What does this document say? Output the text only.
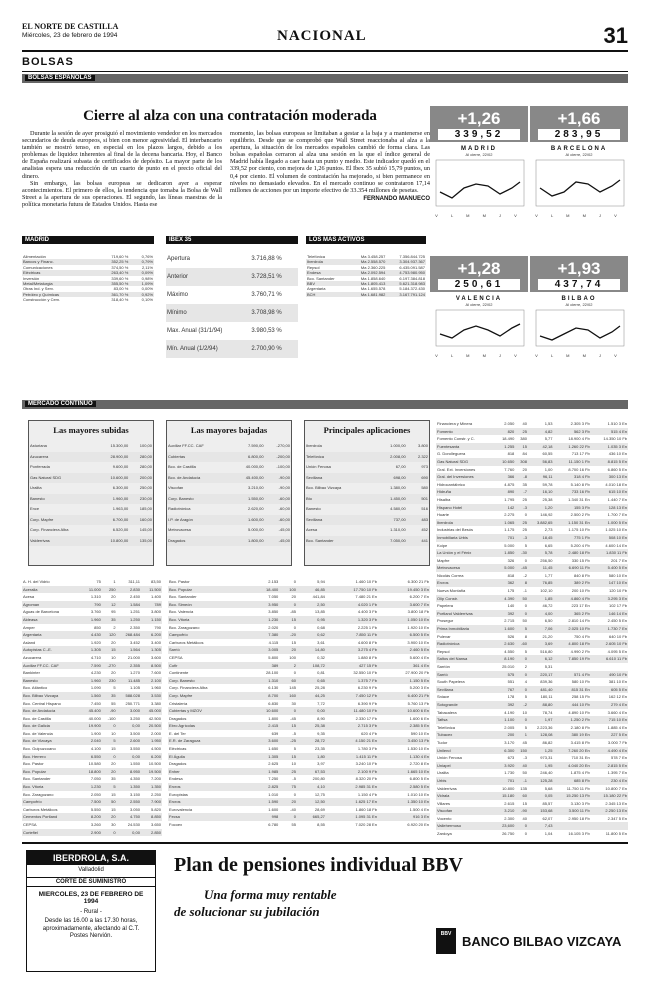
EL NORTE DE CASTILLA
Miércoles, 23 de febrero de 1994	NACIONAL	31
BOLSAS
BOLSAS ESPAÑOLAS
Cierre al alza con una contratación moderada

Durante la sesión de ayer prosiguió el movimiento vendedor en los mercados secundarios de deuda europeos, si bien con menor agresividad. El interbancario también se mostró tenso, en especial en los plazos largos, debido a los problemas de liquidez inherentes al final de la decena bancaria. Hoy, el Banco de España realizará subasta de certificados de depósito. La mayor parte de los analistas espera una reducción de un cuarto de punto en el precio oficial del dinero.

Sin embargo, las bolsas europeas se dedicaron ayer a esperar acontecimientos. El primero de ellos, la tendencia que tomaba la Bolsa de Wall Street a la apertura de sus operaciones. El segundo, las líneas maestras de la política monetaria futura de Estados Unidos. Hasta ese

momento, las bolsas europeas se limitaban a gestar a la baja y a mantenerse en equilibrio. Desde que se comprobó que Wall Street reaccionaba al alza a la apertura, la situación de los mercados españoles cambió de forma clara. Las bolsas españolas cerraron al alza una sesión en la que el índice general de Madrid había llegado a caer hasta un punto y medio. Este indicador quedó en el 339,52 por ciento, con mejora de 1,26 puntos. El Ibex 35 subió 15,79 puntos, un 0,4 por ciento. El volumen de contratación ha mejorado, si bien permanece en niveles no demasiado elevados. En el mercado continuo se contrataron 17,14 millones de acciones por un importe efectivo de 33.354 millones de pesetas.

FERNANDO MANUECO
+1,26
339,52
MADRID
Al cierre, 22/02
V L M M J V
+1,66
283,95
BARCELONA
Al cierre, 22/02
V L M M J V
+1,28
250,61
VALENCIA
Al cierre, 22/02
V L M M J V
+1,93
437,74
BILBAO
Al cierre, 22/02
V L M M J V
MADRID
Alimentación	719,60 %	0,76%
Bancos y Financ.	352,25 %	0,79%
Comunicaciones	374,50 %	2,11%
Eléctricas	263,40 %	0,09%
Inversión	339,60 %	0,98%
Metal/Metalurgia	355,50 %	1,09%
Otras Ind. y Serv.	83,00 %	0,00%
Petróleo y Químicas	361,70 %	0,92%
Construcción y Cem.	318,40 %	0,10%
IBEX 35
Apertura	3.716,88 %
Anterior	3.728,51 %
Máximo	3.760,71 %
Mínimo	3.708,98 %
Max. Anual (31/1/94)	3.980,53 %
Mín. Anual (1/2/94)	2.700,90 %
LOS MAS ACTIVOS
Telefónica	Ma 3.458.257	7.356.844.725
Iberdrola	Ma 2.558.570	3.304.937.367
Repsol	Ma 2.360.225	6.435.091.587
Endesa	Ma 2.092.594	4.753.980.950
Bco. Santander	Ma 1.858.640	6.197.384.818
BBV	Ma 1.805.413	5.621.318.983
Argentaria	Ma 1.655.578	5.184.372.430
BCH	Ma 1.681.982	3.167.791.124
MERCADO CONTINUO
Las mayores subidas
Asturiana	15.300,00	100,00
Azucarera	28.900,00	280,00
Ponferrada	9.600,00	280,00
Gas Natural SDG	10.600,00	200,00
Uralita	6.300,00	250,00
Banesto	1.960,00	230,00
Ence	1.963,00	185,00
Corp. Mapfre	6.700,00	160,00
Corp. Financiera Alba	6.520,00	145,00
Valderrivas	10.800,00	135,00
Las mayores bajadas
Auxiliar FF.CC. CAF	7.590,00	-270,00
Cubiertas	6.800,00	-200,00
Bco. de Castilla	40.000,00	-100,00
Bco. de Andalucía	45.400,00	-90,00
Viscofan	3.210,00	-90,00
Corp. Banesto	1.550,00	-60,00
Radiotrónica	2.620,00	-60,00
I.P. de Aragón	1.600,00	-60,00
Metrovacesa	5.000,00	-45,00
Dragados	1.800,00	-45,00
Principales aplicaciones
Iberdrola	1.000,00	3.800
Telefónica	2.008,00	2.322
Unión Fenosa	67,00	973
Sevillana	698,00	690
Bco. Bilbao Vizcaya	1.380,00	580
Bto	1.450,00	501
Banesto	4.580,00	516
Sevillana	737,00	483
Acesa	1.310,00	452
Bco. Santander	7.050,00	441
A. H. del Vidrio	75	1	311,11	83,50
Aceralia	11.000	250	2.830	11.500
Acesa	1.310	20	2.450	1.400
Agroman	790	12	1.584	789
Aguas de Barcelona	3.760	95	1.251	3.800
Aldeasa	1.960	35	1.250	1.150
Amper	850	2	2.350	790
Argentaria	4.430	120	268.484	6.200
Asland	1.920	20	3.452	3.400
Autopistas C.-E.	1.305	15	1.564	1.305
Azucarera	4.710	10	21.000	3.600
Auxiliar FF.CC. CAF	7.590	-270	2.355	8.500
Bankinter	4.230	20	1.270	7.600
Banesto	1.960	230	11.485	2.100
Bco. Atlántico	1.090	5	1.105	1.960
Bco. Bilbao Vizcaya	1.560	35	588.028	3.530
Bco. Central Hispano	7.450	55	250.771	3.380
Bco. de Andalucía	45.400	-90	3.000	45.000
Bco. de Castilla	40.000	-100	3.250	42.500
Bco. de Galicia	19.900	0	0,00	20.500
Bco. de Valencia	1.900	10	3.500	2.000
Bco. de Vizcaya	2.040	5	2.600	1.950
Bco. Guipuzcoano	4.100	15	3.550	4.500
Bco. Herrero	6.550	0	0,00	6.200
Bco. Pastor	10.580	20	1.550	10.500
Bco. Popular	18.800	20	8.950	19.500
Bco. Santander	7.050	35	4.350	7.200
Bco. Vitoria	1.230	5	1.350	1.350
Bco. Zaragozano	2.050	15	3.150	2.250
Campofrío	7.500	50	2.550	7.900
Carburos Metálicos	5.550	15	3.050	5.820
Cementos Portland	8.200	20	4.750	8.850
CEPSA	3.260	30	24.530	3.650
Cortefiel	2.900	0	0,00	2.850
Bco. Pastor	2.153	0	5,94	1.460 10 Fb	6.300 21 Fb
Bco. Popular	18.400	100	46,85	17.750 10 Fb	19.450 3 En
Bco. Santander	7.050	20	441,84	7.480 21 En	6.200 7 En
Bco. Simeón	3.950	0	2,50	4.020 1 Fb	3.600 7 En
Bco. Valencia	3.850	-85	13,85	4.400 3 Fb	3.800 18 Fb
Bco. Vitoria	1.230	15	0,95	1.320 3 Fb	1.050 10 En
Bco. Zaragozano	2.020	0	0,68	2.225 1 Fb	1.920 10 En
Campofrío	7.380	-20	0,62	7.850 11 Fb	6.500 5 En
Carburos Metálicos	4.115	15	3,61	4.600 8 Fb	3.900 10 En
Sarrió	3.005	20	14,80	3.275 4 Fb	2.460 5 En
CEPSA	5.800	100	0,32	1.880 8 Fb	5.600 4 En
Cofir	389	2	108,72	427 15 Fb	361 4 En
Continente	28.100	0	0,81	32.550 10 Fb	27.900 20 Fb
Corp. Banesto	1.310	60	0,65	1.375 7 Fb	1.150 5 En
Corp. Financiera Alba	6.130	145	25,28	6.230 9 Fb	5.200 3 En
Corp. Mapfre	8.700	160	44,25	7.450 12 Fb	6.400 21 Fb
Cristalería	6.830	30	7,72	6.390 9 Fb	5.760 13 Fb
Cubiertas y MZOV	10.600	0	0,00	11.480 10 Fb	10.600 6 En
Dragados	1.800	-45	8,90	2.330 17 Fb	1.600 6 En
Ebro Agrícolas	2.415	15	25,38	2.715 3 Fb	2.385 5 En
E. del Ter	639	-5	9,35	620 4 Fb	590 10 En
E.R. de Zaragoza	3.600	-25	28,72	4.150 21 En	3.450 13 Fb
Eléctricas	1.650	5	23,35	1.780 3 Fb	1.530 10 En
El Águila	1.305	15	1,80	1.415 11 Fb	1.130 4 En
Dragados	2.625	10	3,97	3.240 10 Fb	2.720 8 En
Enher	1.985	25	67,53	2.100 9 Fb	1.665 10 En
Endesa	7.250	-5	200,80	8.320 20 Fb	6.800 5 En
Ercros	2.825	75	4,10	2.985 31 En	2.580 5 En
Europistas	1.010	0	12,75	1.150 4 Fb	1.010 10 En
Ercros	1.590	20	12,50	1.625 17 En	1.350 10 En
Eurovalencia	1.600	-40	28,69	1.860 18 Fb	1.500 4 En
Fecsa	998	0	665,27	1.095 31 En	916 3 En
Focoex	6.780	55	8,55	7.020 28 En	6.920 20 En
Financiera y Minera	2.050	40	1,53	2.305 3 Fb	1.510 3 En
Fomento	820	25	4,82	562 3 Fb	515 4 En
Fomento Constr. y C.	18.490	380	5,77	18.900 4 Fb	14.350 10 Fb
Fuentesanta	1.255	15	42,18	1.260 22 Fb	1.035 3 En
G. Dorolleguera	818	84	60,55	713 17 Fb	436 10 En
Gas Natural SDG	10.650	308	56,83	11.150 1 Fb	8.815 5 En
Gral. Ext. Inversiones	7.760	20	1,00	8.700 16 Fb	6.860 5 En
Gral. del Inversiones	366	-8	96,11	318 4 Fb	300 13 En
Hidrocantábrico	4.875	35	59,78	5.140 8 Fb	4.010 18 En
Hidruña	890	-7	16,10	733 16 Fb	615 10 En
Hisalba	1.795	25	25,38	1.340 31 En	1.440 7 En
Hispano Hotel	142	-3	1,20	155 3 Fb	128 13 En
Huarte	2.275	0	146,92	2.500 2 Fb	1.700 7 En
Iberdrola	1.065	25	3.882,65	1.150 31 En	1.000 5 En
Industrias del Besós	1.175	25	2,73	1.175 10 Fb	1.025 10 En
Inmobiliaria Urbis	701	-3	18,45	775 1 Fb	508 10 En
Koipe	5.000	5	6,65	5.200 4 Fb	4.600 14 En
La Unión y el Fénix	1.850	-30	5,78	2.480 18 Fb	1.830 11 Fb
Mapfre	326	0	256,50	330 15 Fb	201 7 En
Metrovacesa	5.000	-45	11,45	6.690 11 Fb	5.400 5 En
Nicolás Correa	818	-2	1,77	840 8 Fb	580 10 En
Ercros	362	8	76,85	389 2 Fb	147 10 En
Nueva Montaña	175	-1	102,10	200 10 Fb	120 10 Fb
Olip Constr.	4.390	50	1,85	4.860 4 Fb	3.295 3 En
Papelera	140	0	46,72	223 17 En	102 17 Fb
Portland Valderrivas	392	0	4,00	365 2 Fb	146 14 En
Prosegur	2.715	50	6,50	2.810 14 Fb	2.450 5 En
Prima Inmobiliaria	1.600	5	7,06	2.025 10 Fb	1.730 7 En
Pulevar	526	8	21,20	750 4 Fb	640 10 Fb
Radiotrónica	2.630	-60	3,69	4.800 18 Fb	2.605 10 Fb
Repsol	4.550	5	516,80	4.990 2 Fb	4.095 5 En
Saltos del Nansa	8.190	0	6,12	7.850 19 Fb	6.610 11 Fb
Sarrión	25.010	2	5,31		
Sarrió	575	0	220,17	571 4 Fb	490 10 Fb
South Papelera	551	4	839,36	580 10 Fb	381 10 En
Sevillana	767	0	481,40	815 31 En	605 5 En
Sniace	178	5	180,11	258 15 Fb	162 12 En
Sotogrande	392	-2	88,80	444 10 Fb	279 4 En
Tabacalera	4.190	10	78,74	4.890 10 Fb	3.660 4 En
Tafisa	1.100	0	1,97	1.250 2 Fb	715 10 En
Telefónica	2.005	5	2.223,36	2.180 8 Fb	1.885 4 En
Tubacex	200	1	128,08	380 19 En	227 5 En
Tudor	3.170	45	86,82	3.415 8 Fb	3.000 7 Fb
Unilend	6.300	150	1,25	7.260 20 En	4.490 4 En
Unión Fenosa	673	-3	973,31	710 31 En	578 7 En
Uniapel	3.920	40	1,95	4.040 20 En	2.815 5 En
Uralita	1.730	50	246,40	1.875 4 Fb	1.395 7 En
Urbis	701	-1	125,28	685 8 Fb	230 4 En
Valderrivas	10.800	135	5,68	11.750 11 Fb	10.800 7 En
Vidrala	15.180	60	0,05	15.250 13 Fb	15.180 22 Fb
Villares	2.615	15	85,57	3.130 3 Fb	2.345 13 En
Viscofan	3.210	-90	153,68	3.500 11 Fb	2.250 13 En
Vocento	2.300	40	62,07	2.950 18 Fb	2.347 5 En
Vallehermoso	23,600	0	7,43		
Zardoya	26.750	0	1,04	16.105 3 Fb	11.800 5 En
IBERDROLA, S.A.
Valladolid
CORTE DE SUMINISTRO
MIERCOLES, 23 DE FEBRERO DE 1994
- Rural -
Desde las 16.00 a las 17.30 horas, aproximadamente, afectando al C.T. Postes Nervión.
Plan de pensiones individual BBV
Una forma muy rentable
de solucionar su jubilación
BBV BANCO BILBAO VIZCAYA
